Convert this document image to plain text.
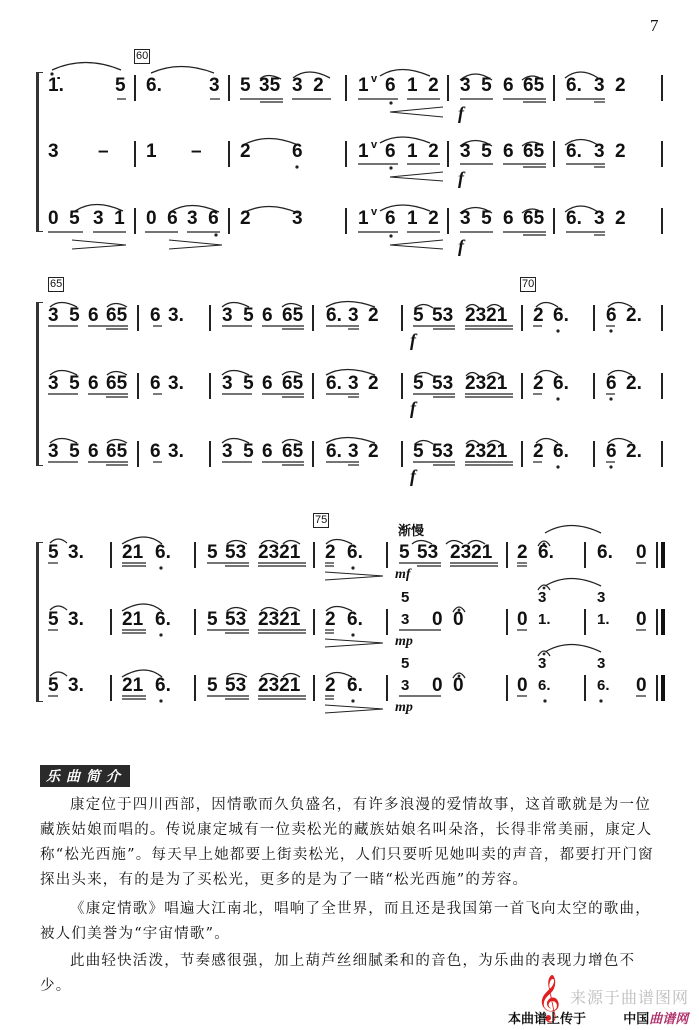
7
60
1̇.	5 6. 3 5 35 3  2 1 v 6 1  2 3  5 6 65 6. 3 2
f
3 – 1 – 2 6	1 v 6 1  2 3  5 6 65 6. 3 2
f
0  5 3  1 0  6 3  6 2 3	1 v 6 1  2 3  5 6 65 6. 3 2
f
65	70
3  5 6 65 6 3. 3  5 6 65 6. 3 2 5 53 2321 2 6. 6 2.
f
3  5 6 65 6 3. 3  5 6 65 6. 3 2 5 53 2321 2 6. 6 2.
f
3  5 6 65 6 3. 3  5 6 65 6. 3 2 5 53 2321 2 6. 6 2.
f
75
渐慢
5 3. 21 6. 5 53 2321 2 6. 5 53 2321 2 6. 6. 0
mf
5 3. 21 6. 5 53 2321 2 6.
5
3 0 0	0
3
1.
3
1. 0
mp
5 3. 21 6. 5 53 2321 2 6.
5
3 0 0	0
3
6.
3
6. 0
mp
乐曲简介

康定位于四川西部，因情歌而久负盛名，有许多浪漫的爱情故事，这首歌就是为一位藏族姑娘而唱的。传说康定城有一位卖松光的藏族姑娘名叫朵洛，长得非常美丽，康定人称“松光西施”。每天早上她都要上街卖松光，人们只要听见她叫卖的声音，都要打开门窗探出头来，有的是为了买松光，更多的是为了一睹“松光西施”的芳容。

《康定情歌》唱遍大江南北，唱响了全世界，而且还是我国第一首飞向太空的歌曲，被人们美誉为“宇宙情歌”。

此曲轻快活泼，节奏感很强，加上葫芦丝细腻柔和的音色，为乐曲的表现力增色不少。

来源于曲谱图网
𝄞
本曲谱上传于	中国曲谱网
